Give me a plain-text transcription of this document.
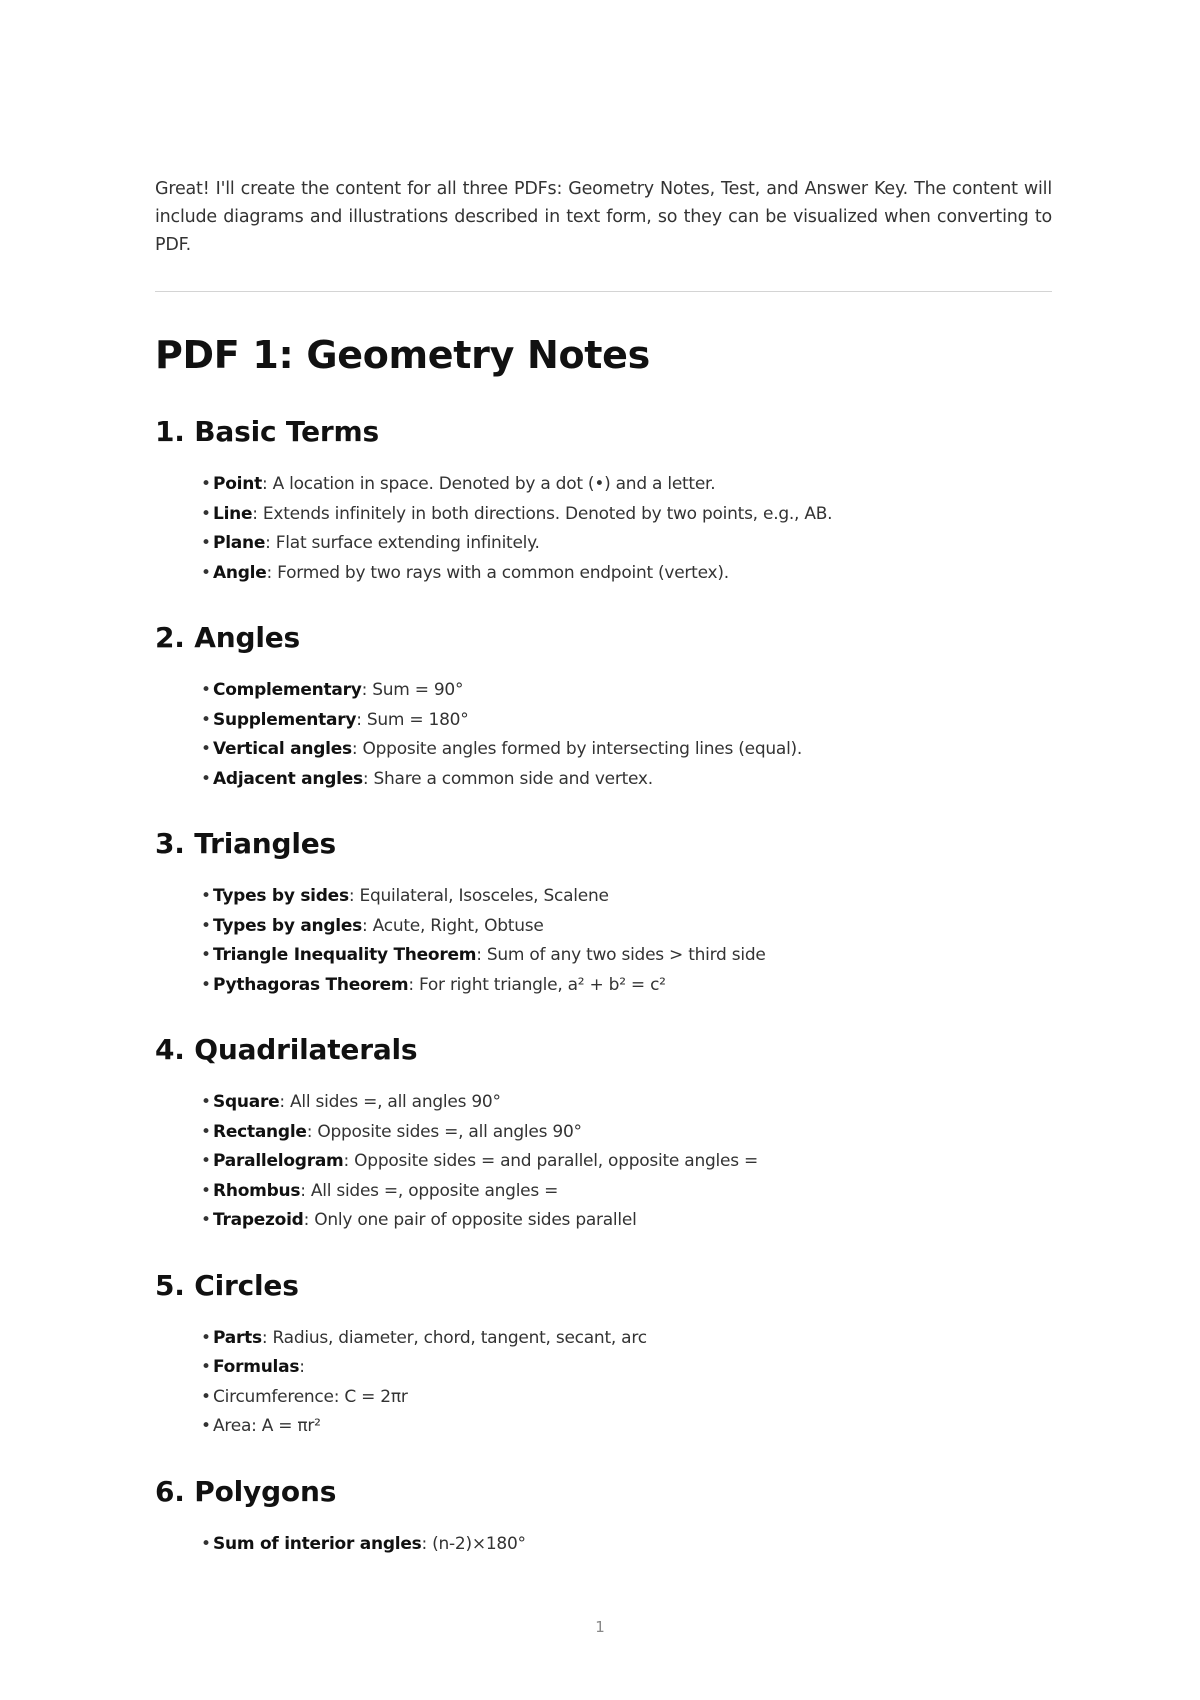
Great! I'll create the content for all three PDFs: Geometry Notes, Test, and Answer Key. The content will include diagrams and illustrations described in text form, so they can be visualized when converting to PDF.

PDF 1: Geometry Notes
1. Basic Terms
• Point: A location in space. Denoted by a dot (•) and a letter.
• Line: Extends infinitely in both directions. Denoted by two points, e.g., AB.
• Plane: Flat surface extending infinitely.
• Angle: Formed by two rays with a common endpoint (vertex).
2. Angles
• Complementary: Sum = 90°
• Supplementary: Sum = 180°
• Vertical angles: Opposite angles formed by intersecting lines (equal).
• Adjacent angles: Share a common side and vertex.
3. Triangles
• Types by sides: Equilateral, Isosceles, Scalene
• Types by angles: Acute, Right, Obtuse
• Triangle Inequality Theorem: Sum of any two sides > third side
• Pythagoras Theorem: For right triangle, a² + b² = c²
4. Quadrilaterals
• Square: All sides =, all angles 90°
• Rectangle: Opposite sides =, all angles 90°
• Parallelogram: Opposite sides = and parallel, opposite angles =
• Rhombus: All sides =, opposite angles =
• Trapezoid: Only one pair of opposite sides parallel
5. Circles
• Parts: Radius, diameter, chord, tangent, secant, arc
• Formulas:
• Circumference: C = 2πr
• Area: A = πr²
6. Polygons
• Sum of interior angles: (n-2)×180°
1
